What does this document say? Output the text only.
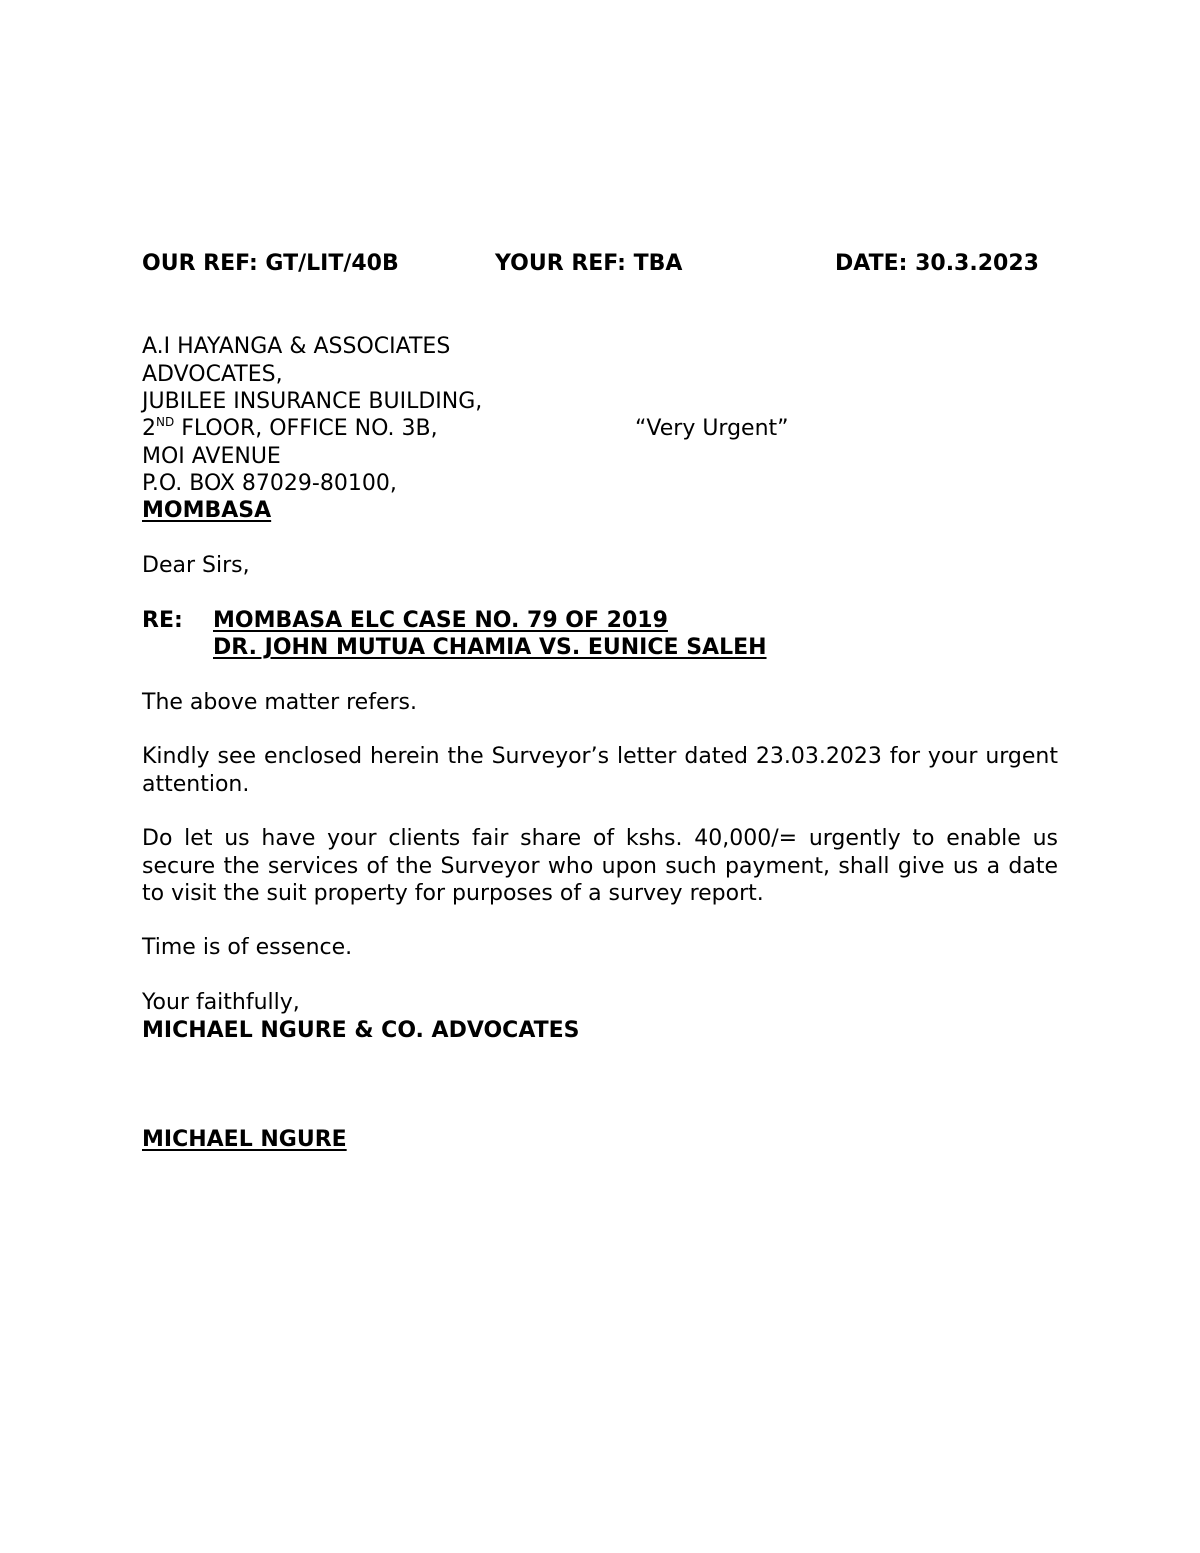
OUR REF: GT/LIT/40B	YOUR REF: TBA	DATE: 30.3.2023
A.I HAYANGA & ASSOCIATES
ADVOCATES,
JUBILEE INSURANCE BUILDING,
2ND FLOOR, OFFICE NO. 3B,
MOI AVENUE
P.O. BOX 87029-80100,
MOMBASA
“Very Urgent”
Dear Sirs,
RE: MOMBASA ELC CASE NO. 79 OF 2019
DR. JOHN MUTUA CHAMIA VS. EUNICE SALEH
The above matter refers.
Kindly see enclosed herein the Surveyor’s letter dated 23.03.2023 for your urgent attention.
Do let us have your clients fair share of kshs. 40,000/= urgently to enable us secure the services of the Surveyor who upon such payment, shall give us a date to visit the suit property for purposes of a survey report.
Time is of essence.
Your faithfully,
MICHAEL NGURE & CO. ADVOCATES
MICHAEL NGURE
